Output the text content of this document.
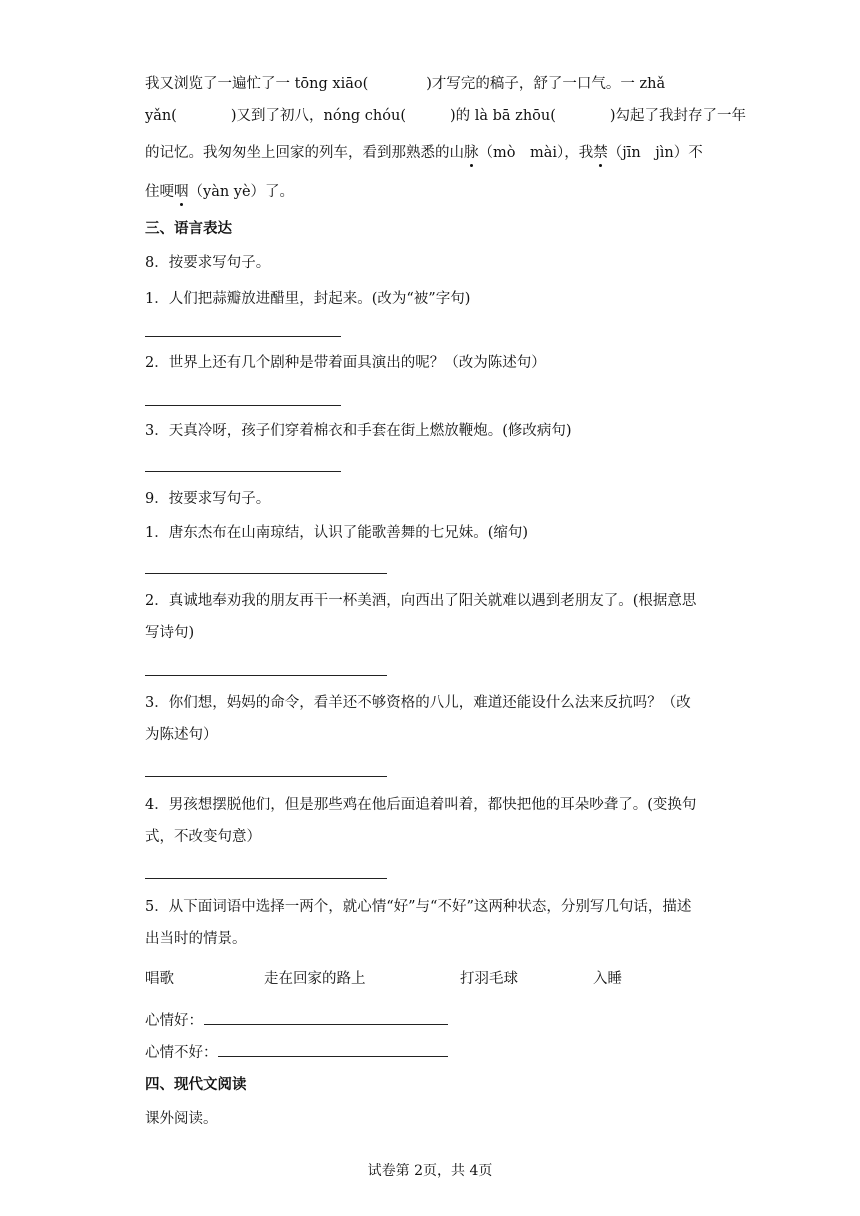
我又浏览了一遍忙了一 tōng xiāo(	)才写完的稿子，舒了一口气。一 zhǎ
yǎn(	)又到了初八，nóng chóu(	)的 là bā zhōu(	)勾起了我封存了一年
的记忆。我匆匆坐上回家的列车，看到那熟悉的山脉（mò　mài），我禁（jīn　jìn）不
住哽咽（yàn yè）了。
三、语言表达
8．按要求写句子。
1．人们把蒜瓣放进醋里，封起来。(改为“被”字句)
2．世界上还有几个剧种是带着面具演出的呢？（改为陈述句）
3．天真冷呀，孩子们穿着棉衣和手套在街上燃放鞭炮。(修改病句)
9．按要求写句子。
1．唐东杰布在山南琼结，认识了能歌善舞的七兄妹。(缩句)
2．真诚地奉劝我的朋友再干一杯美酒，向西出了阳关就难以遇到老朋友了。(根据意思
写诗句)
3．你们想，妈妈的命令，看羊还不够资格的八儿，难道还能设什么法来反抗吗？（改
为陈述句）
4．男孩想摆脱他们，但是那些鸡在他后面追着叫着，都快把他的耳朵吵聋了。(变换句
式，不改变句意）
5．从下面词语中选择一两个，就心情“好”与“不好”这两种状态，分别写几句话，描述
出当时的情景。
唱歌	走在回家的路上	打羽毛球	入睡
心情好：
心情不好：
四、现代文阅读
课外阅读。
试卷第 2页，共 4页
